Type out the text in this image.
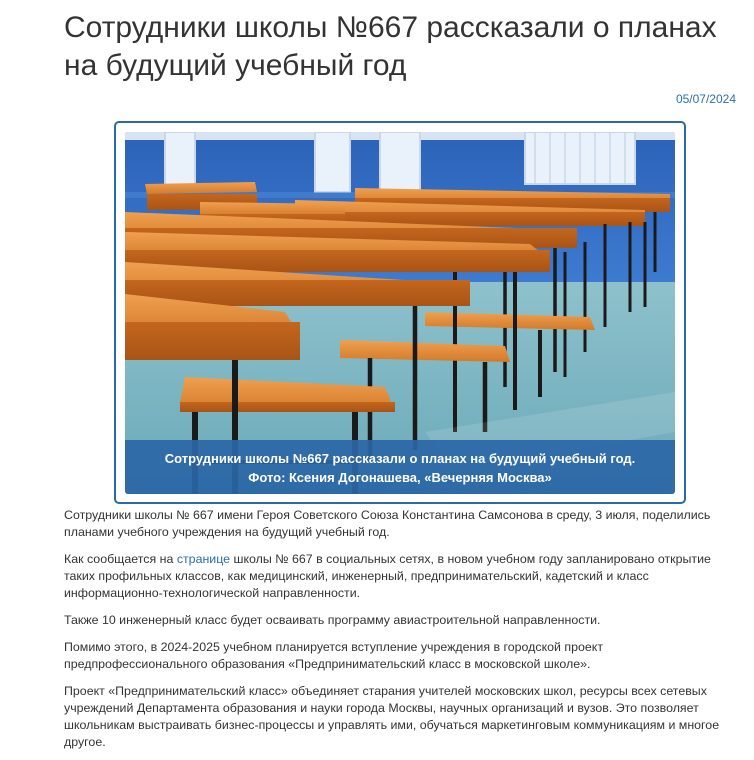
Сотрудники школы №667 рассказали о планах на будущий учебный год
05/07/2024
Сотрудники школы №667 рассказали о планах на будущий учебный год. Фото: Ксения Догонашева, «Вечерняя Москва»

Сотрудники школы № 667 имени Героя Советского Союза Константина Самсонова в среду, 3 июля, поделились планами учебного учреждения на будущий учебный год.

Как сообщается на странице школы № 667 в социальных сетях, в новом учебном году запланировано открытие таких профильных классов, как медицинский, инженерный, предпринимательский, кадетский и класс информационно-технологической направленности.

Также 10 инженерный класс будет осваивать программу авиастроительной направленности.

Помимо этого, в 2024-2025 учебном планируется вступление учреждения в городской проект предпрофессионального образования «Предпринимательский класс в московской школе».

Проект «Предпринимательский класс» объединяет старания учителей московских школ, ресурсы всех сетевых учреждений Департамента образования и науки города Москвы, научных организаций и вузов. Это позволяет школьникам выстраивать бизнес-процессы и управлять ими, обучаться маркетинговым коммуникациям и многое другое.
